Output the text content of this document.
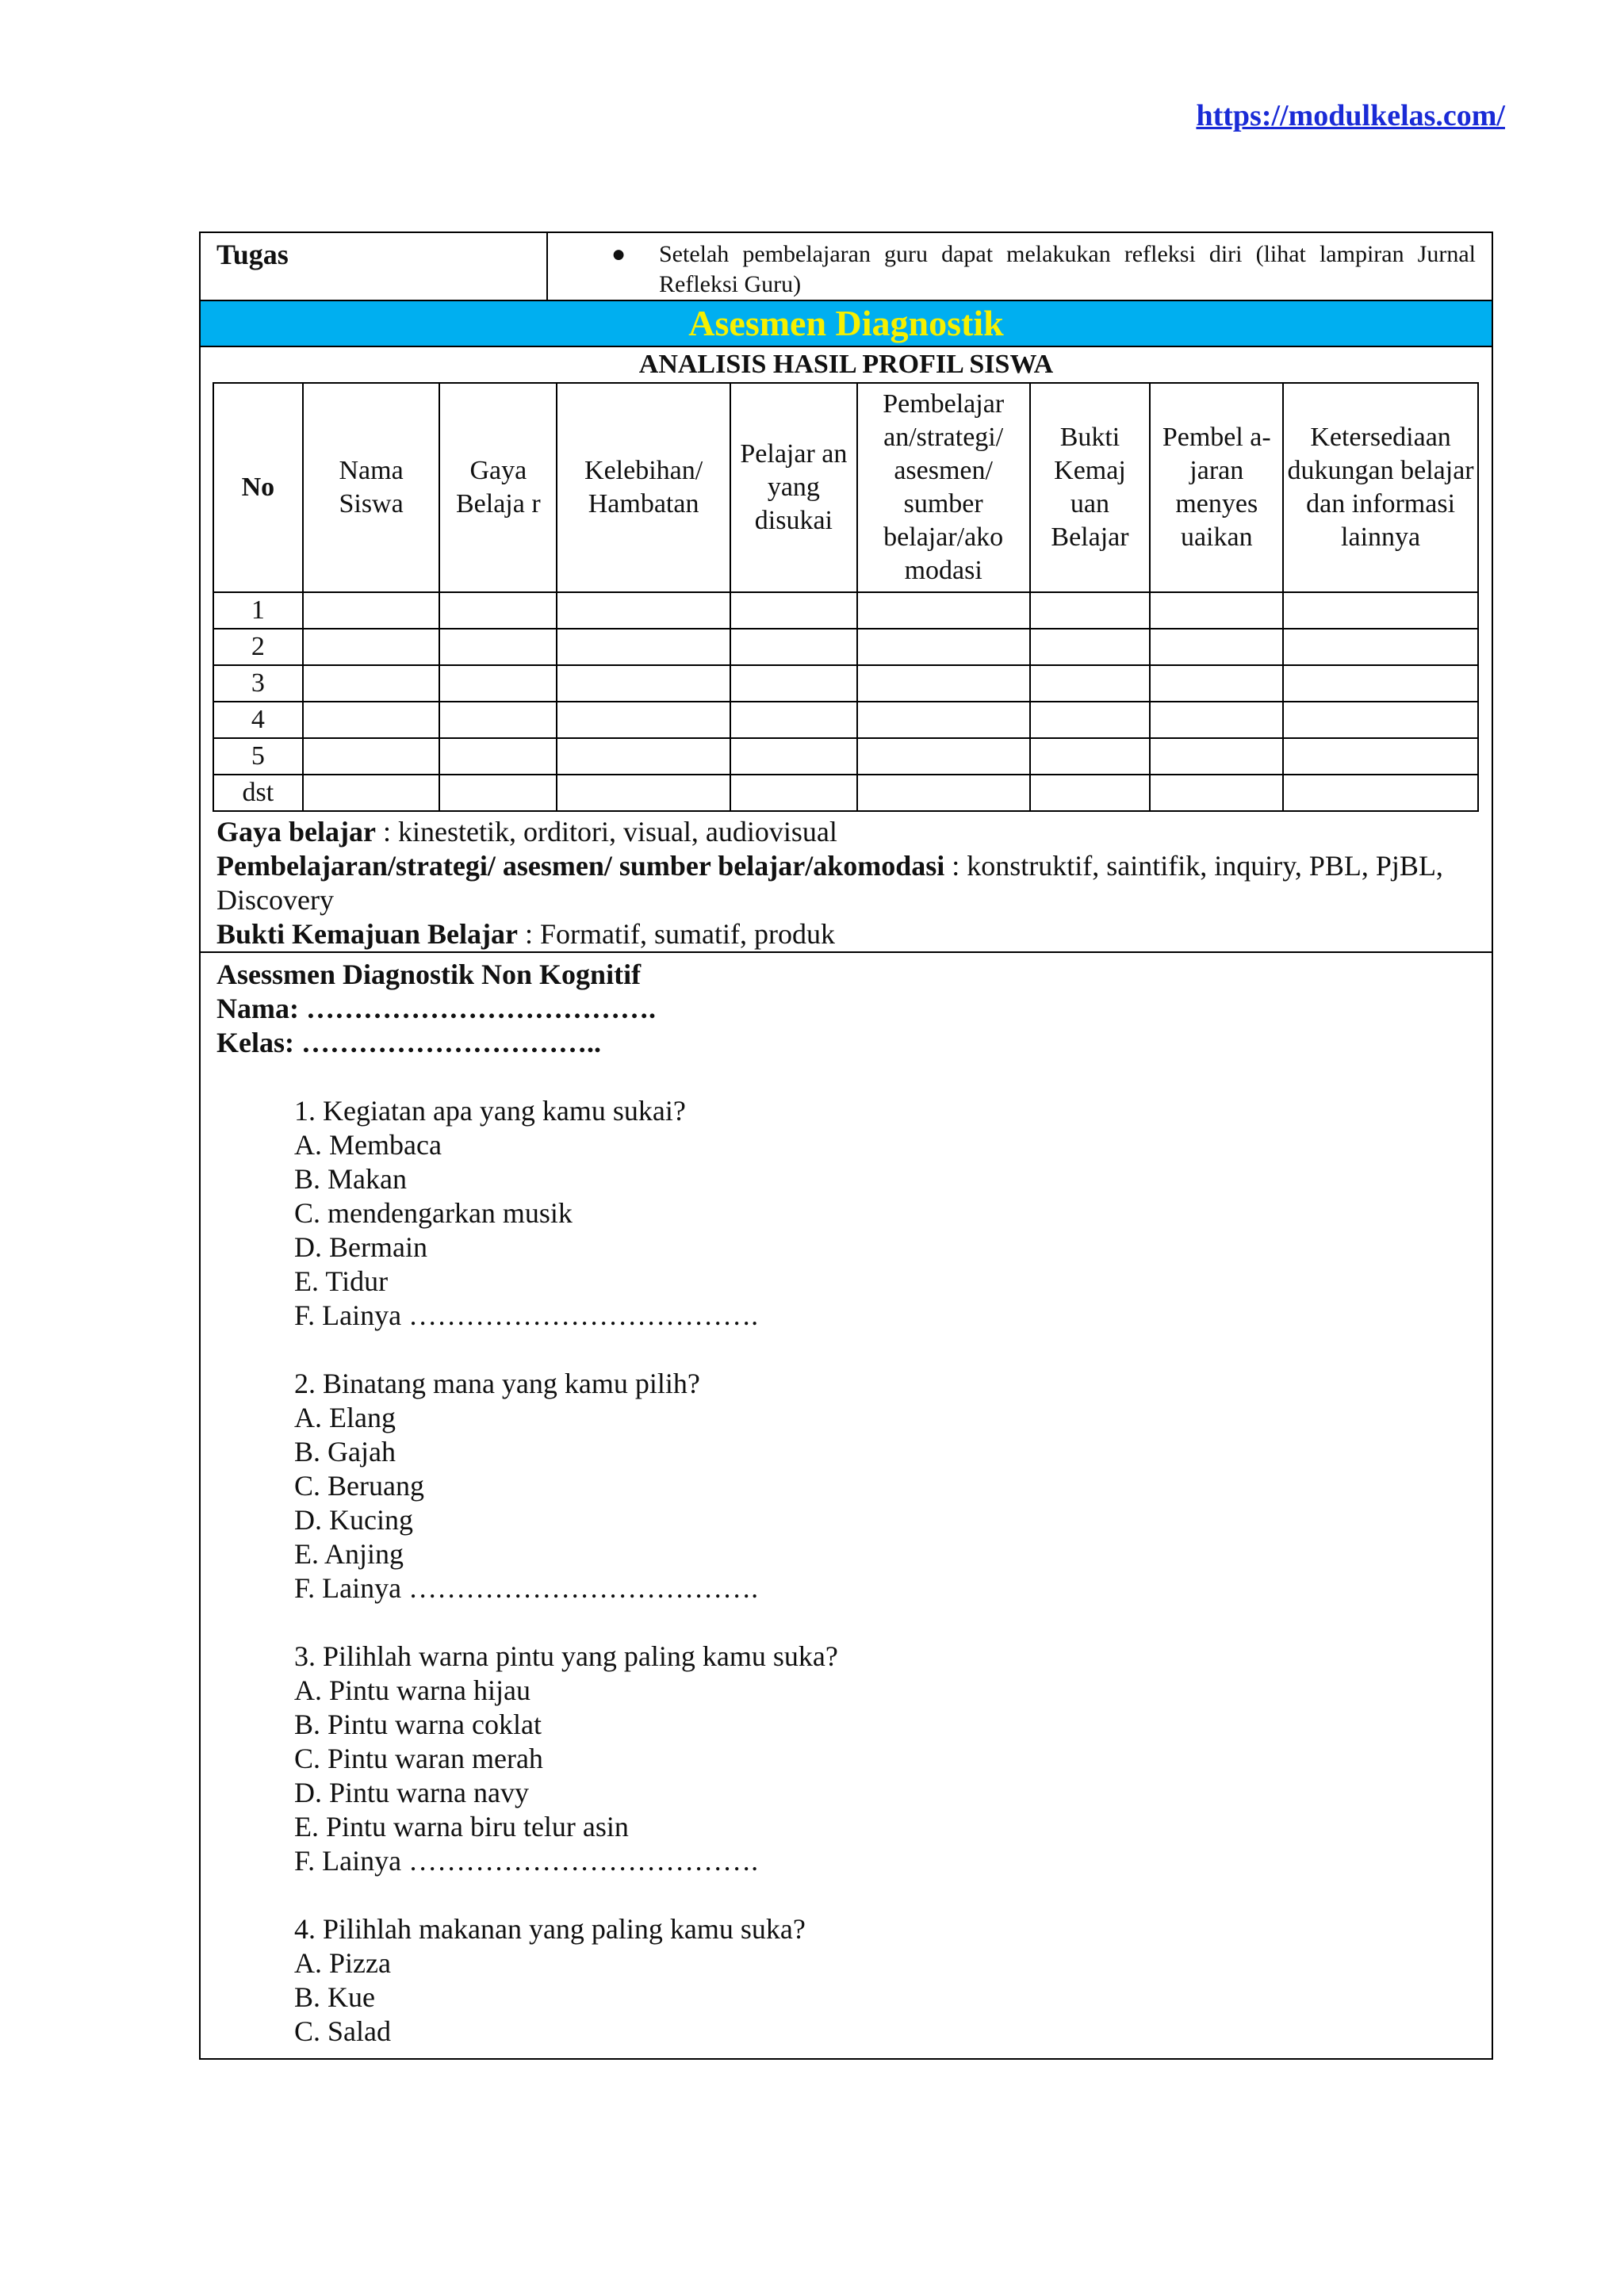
https://modulkelas.com/
Tugas	●	Setelah pembelajaran guru dapat melakukan refleksi diri (lihat lampiran Jurnal Refleksi Guru)
Asesmen Diagnostik
ANALISIS HASIL PROFIL SISWA
No	Nama Siswa	Gaya Belaja r	Kelebihan/ Hambatan	Pelajar an yang disukai	Pembelajar an/strategi/ asesmen/ sumber belajar/ako modasi	Bukti Kemaj uan Belajar	Pembel a-jaran menyes uaikan	Ketersediaan dukungan belajar dan informasi lainnya
1								
2								
3								
4								
5								
dst								
Gaya belajar : kinestetik, orditori, visual, audiovisual
Pembelajaran/strategi/ asesmen/ sumber belajar/akomodasi : konstruktif, saintifik, inquiry, PBL, PjBL, Discovery
Bukti Kemajuan Belajar : Formatif, sumatif, produk
Asessmen Diagnostik Non Kognitif
Nama: ……………………………….
Kelas: …………………………..
1. Kegiatan apa yang kamu sukai?
A. Membaca
B. Makan
C. mendengarkan musik
D. Bermain
E. Tidur
F. Lainya ……………………………….
2. Binatang mana yang kamu pilih?
A. Elang
B. Gajah
C. Beruang
D. Kucing
E. Anjing
F. Lainya ……………………………….
3. Pilihlah warna pintu yang paling kamu suka?
A. Pintu warna hijau
B. Pintu warna coklat
C. Pintu waran merah
D. Pintu warna navy
E. Pintu warna biru telur asin
F. Lainya ……………………………….
4. Pilihlah makanan yang paling kamu suka?
A. Pizza
B. Kue
C. Salad
